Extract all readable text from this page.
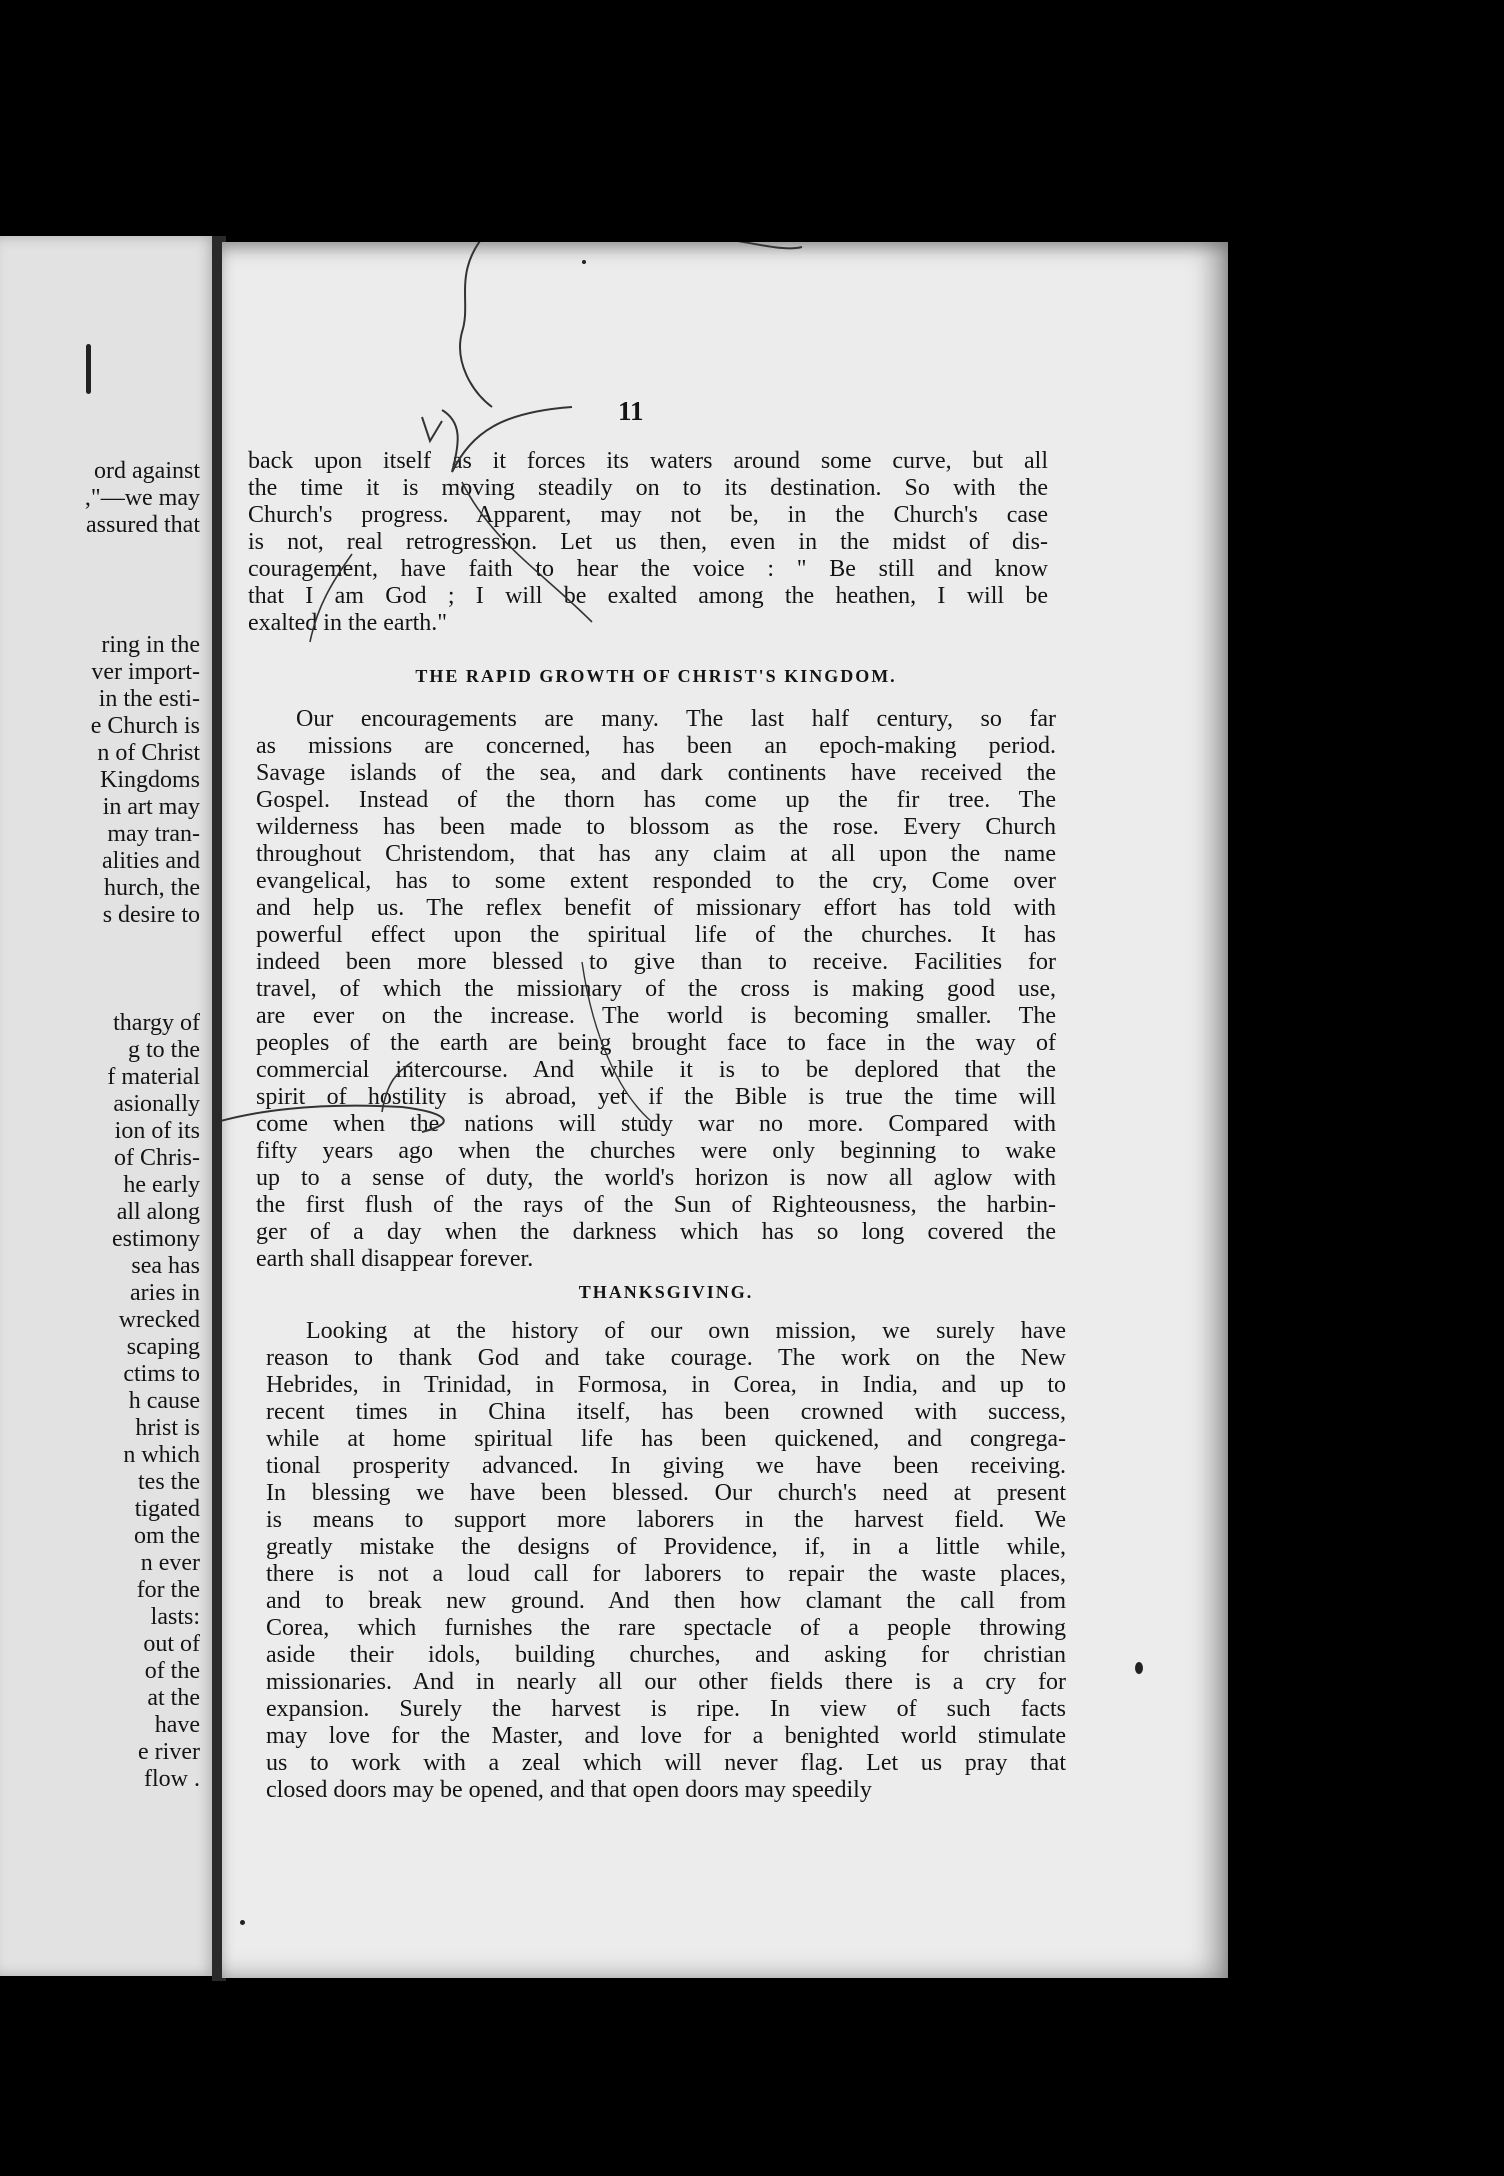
ord against
,"—we may
assured that
ring in the
ver import-
in the esti-
e Church is
n of Christ
Kingdoms
in art may
may tran-
alities and
hurch, the
s desire to
thargy of
g to the
f material
asionally
ion of its
of Chris-
he early
all along
estimony
sea has
aries in
wrecked
scaping
ctims to
h cause
hrist is
n which
tes the
tigated
om the
n ever
for the
lasts:
out of
of the
at the
have
e river
flow .
11
back upon itself as it forces its waters around some curve, but all
the time it is moving steadily on to its destination. So with the
Church's progress. Apparent, may not be, in the Church's case
is not, real retrogression. Let us then, even in the midst of dis-
couragement, have faith to hear the voice : " Be still and know
that I am God ; I will be exalted among the heathen, I will be
exalted in the earth."
THE RAPID GROWTH OF CHRIST'S KINGDOM.
Our encouragements are many. The last half century, so far
as missions are concerned, has been an epoch-making period.
Savage islands of the sea, and dark continents have received the
Gospel. Instead of the thorn has come up the fir tree. The
wilderness has been made to blossom as the rose. Every Church
throughout Christendom, that has any claim at all upon the name
evangelical, has to some extent responded to the cry, Come over
and help us. The reflex benefit of missionary effort has told with
powerful effect upon the spiritual life of the churches. It has
indeed been more blessed to give than to receive. Facilities for
travel, of which the missionary of the cross is making good use,
are ever on the increase. The world is becoming smaller. The
peoples of the earth are being brought face to face in the way of
commercial intercourse. And while it is to be deplored that the
spirit of hostility is abroad, yet if the Bible is true the time will
come when the nations will study war no more. Compared with
fifty years ago when the churches were only beginning to wake
up to a sense of duty, the world's horizon is now all aglow with
the first flush of the rays of the Sun of Righteousness, the harbin-
ger of a day when the darkness which has so long covered the
earth shall disappear forever.
THANKSGIVING.
Looking at the history of our own mission, we surely have
reason to thank God and take courage. The work on the New
Hebrides, in Trinidad, in Formosa, in Corea, in India, and up to
recent times in China itself, has been crowned with success,
while at home spiritual life has been quickened, and congrega-
tional prosperity advanced. In giving we have been receiving.
In blessing we have been blessed. Our church's need at present
is means to support more laborers in the harvest field. We
greatly mistake the designs of Providence, if, in a little while,
there is not a loud call for laborers to repair the waste places,
and to break new ground. And then how clamant the call from
Corea, which furnishes the rare spectacle of a people throwing
aside their idols, building churches, and asking for christian
missionaries. And in nearly all our other fields there is a cry for
expansion. Surely the harvest is ripe. In view of such facts
may love for the Master, and love for a benighted world stimulate
us to work with a zeal which will never flag. Let us pray that
closed doors may be opened, and that open doors may speedily
